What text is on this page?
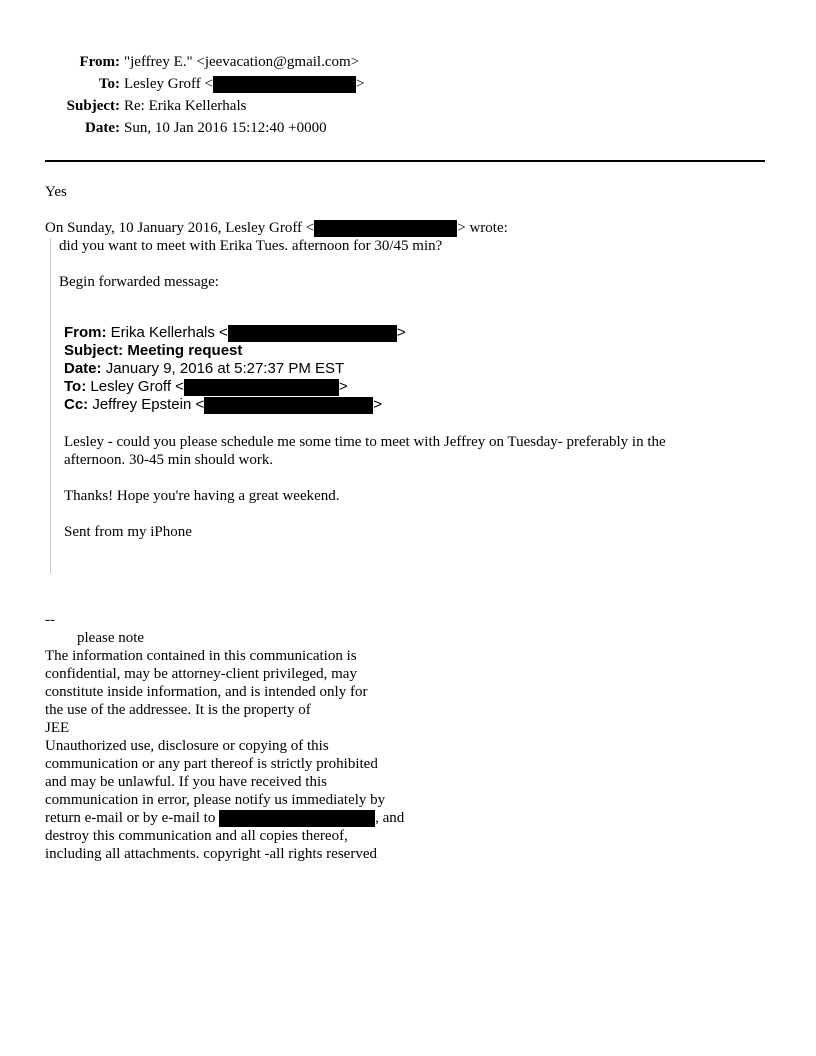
From: "jeffrey E." <jeevacation@gmail.com>
To: Lesley Groff <	>
Subject: Re: Erika Kellerhals
Date: Sun, 10 Jan 2016 15:12:40 +0000
Yes
On Sunday, 10 January 2016, Lesley Groff <	> wrote:
did you want to meet with Erika Tues. afternoon for 30/45 min?
Begin forwarded message:
From: Erika Kellerhals <	>
Subject: Meeting request
Date: January 9, 2016 at 5:27:37 PM EST
To: Lesley Groff <	>
Cc: Jeffrey Epstein <	>
Lesley - could you please schedule me some time to meet with Jeffrey on Tuesday- preferably in the
afternoon. 30-45 min should work.
Thanks! Hope you're having a great weekend.
Sent from my iPhone
--
please note
The information contained in this communication is
confidential, may be attorney-client privileged, may
constitute inside information, and is intended only for
the use of the addressee. It is the property of
JEE
Unauthorized use, disclosure or copying of this
communication or any part thereof is strictly prohibited
and may be unlawful. If you have received this
communication in error, please notify us immediately by
return e-mail or by e-mail to	, and
destroy this communication and all copies thereof,
including all attachments. copyright -all rights reserved
